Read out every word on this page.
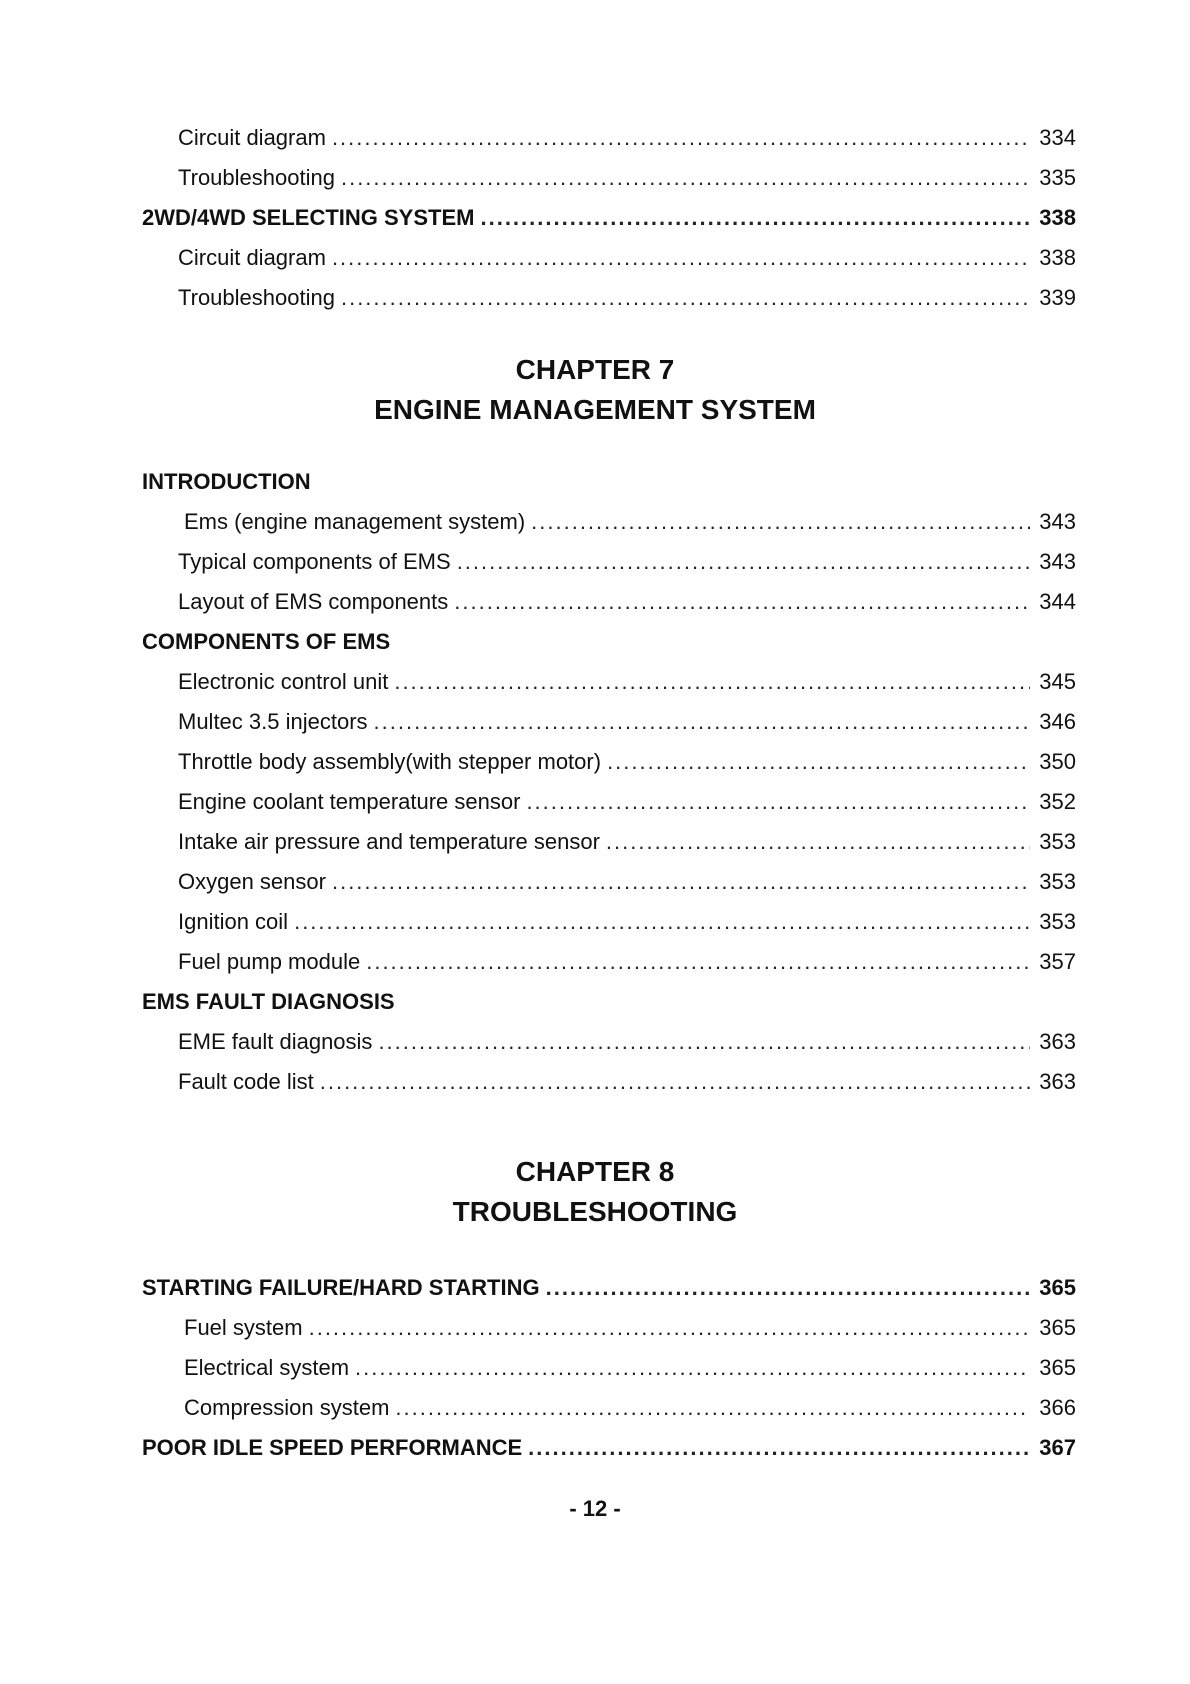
Circuit diagram .....	334
Troubleshooting .....	335
2WD/4WD SELECTING SYSTEM .....	338
Circuit diagram .....	338
Troubleshooting .....	339
CHAPTER 7
ENGINE MANAGEMENT SYSTEM
INTRODUCTION
Ems (engine management system) .....	343
Typical components of EMS .....	343
Layout of EMS components .....	344
COMPONENTS OF EMS
Electronic control unit .....	345
Multec 3.5 injectors .....	346
Throttle body assembly(with stepper motor) .....	350
Engine coolant temperature sensor .....	352
Intake air pressure and temperature sensor .....	353
Oxygen sensor .....	353
Ignition coil .....	353
Fuel pump module .....	357
EMS FAULT DIAGNOSIS
EME fault diagnosis .....	363
Fault code list .....	363
CHAPTER 8
TROUBLESHOOTING
STARTING FAILURE/HARD STARTING .....	365
Fuel system .....	365
Electrical system .....	365
Compression system .....	366
POOR IDLE SPEED PERFORMANCE .....	367
- 12 -
